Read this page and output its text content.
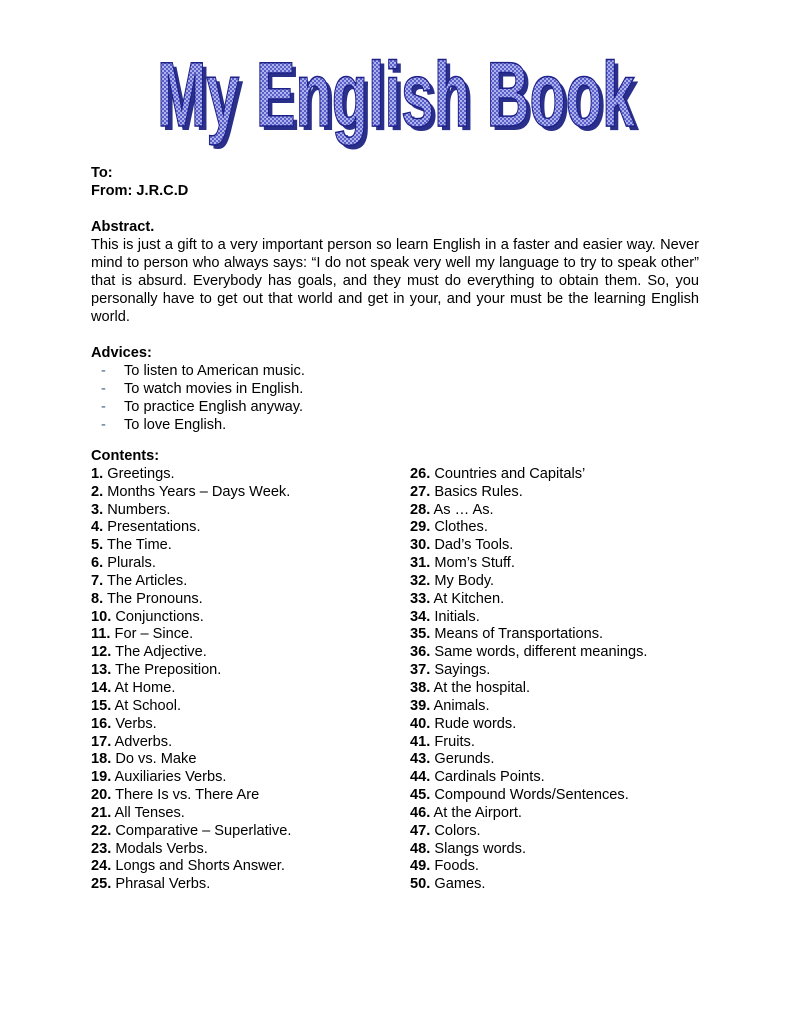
My English Book
My English Book
To:
From: J.R.C.D
Abstract.
This is just a gift to a very important person so learn English in a faster and easier way. Never mind to person who always says: “I do not speak very well my language to try to speak other” that is absurd. Everybody has goals, and they must do everything to obtain them. So, you personally have to get out that world and get in your, and your must be the learning English world.
Advices:
- To listen to American music.
- To watch movies in English.
- To practice English anyway.
- To love English.
Contents:
1. Greetings.
2. Months Years – Days Week.
3. Numbers.
4. Presentations.
5. The Time.
6. Plurals.
7. The Articles.
8. The Pronouns.
10. Conjunctions.
11. For – Since.
12. The Adjective.
13. The Preposition.
14. At Home.
15. At School.
16. Verbs.
17. Adverbs.
18. Do vs. Make
19. Auxiliaries Verbs.
20. There Is vs. There Are
21. All Tenses.
22. Comparative – Superlative.
23. Modals Verbs.
24. Longs and Shorts Answer.
25. Phrasal Verbs.
26. Countries and Capitals’
27. Basics Rules.
28. As … As.
29. Clothes.
30. Dad’s Tools.
31. Mom’s Stuff.
32. My Body.
33. At Kitchen.
34. Initials.
35. Means of Transportations.
36. Same words, different meanings.
37. Sayings.
38. At the hospital.
39. Animals.
40. Rude words.
41. Fruits.
43. Gerunds.
44. Cardinals Points.
45. Compound Words/Sentences.
46. At the Airport.
47. Colors.
48. Slangs words.
49. Foods.
50. Games.
